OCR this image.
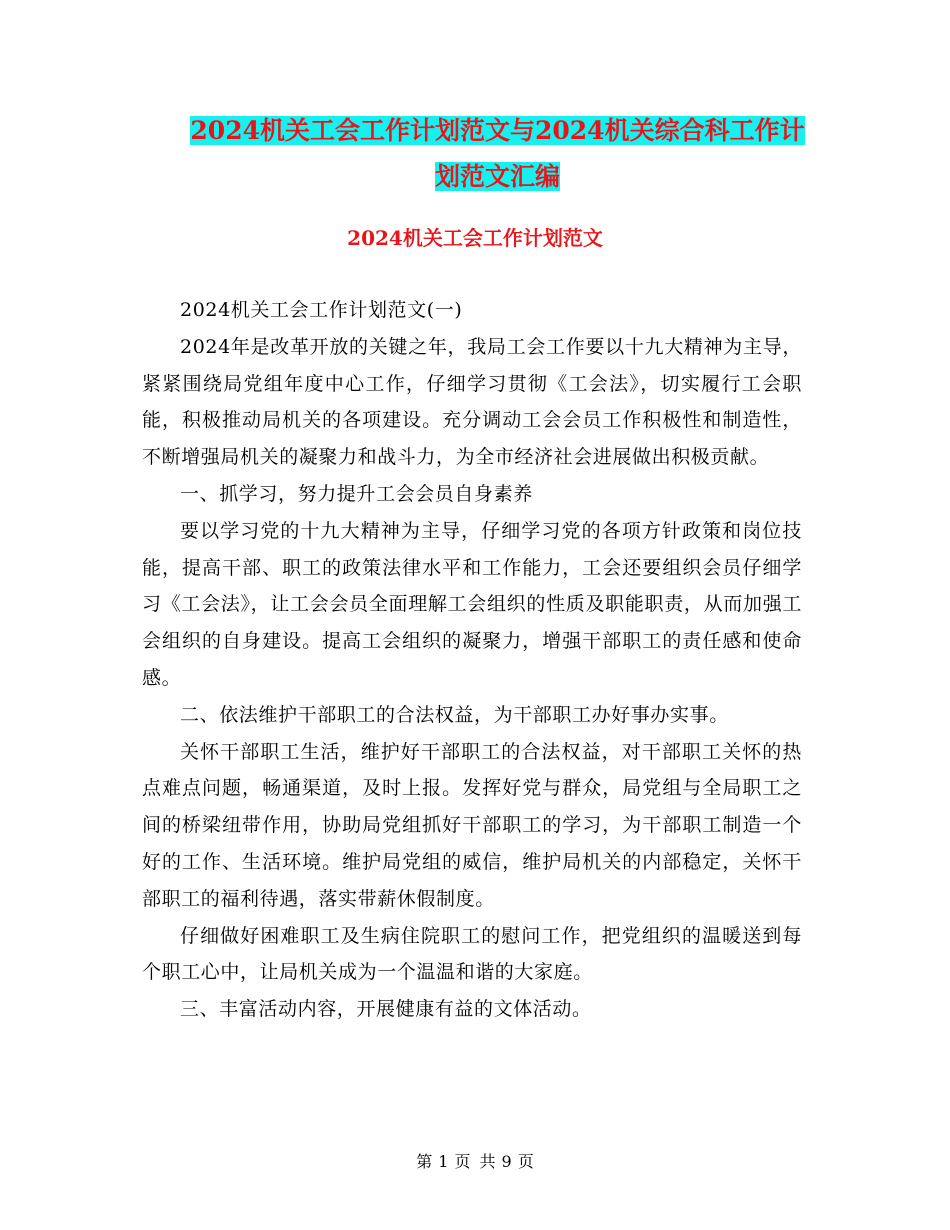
2024机关工会工作计划范文与2024机关综合科工作计
划范文汇编
2024机关工会工作计划范文

2024机关工会工作计划范文(一)

2024年是改革开放的关键之年，我局工会工作要以十九大精神为主导，紧紧围绕局党组年度中心工作，仔细学习贯彻《工会法》，切实履行工会职能，积极推动局机关的各项建设。充分调动工会会员工作积极性和制造性，不断增强局机关的凝聚力和战斗力，为全市经济社会进展做出积极贡献。

一、抓学习，努力提升工会会员自身素养

要以学习党的十九大精神为主导，仔细学习党的各项方针政策和岗位技能，提高干部、职工的政策法律水平和工作能力，工会还要组织会员仔细学习《工会法》，让工会会员全面理解工会组织的性质及职能职责，从而加强工会组织的自身建设。提高工会组织的凝聚力，增强干部职工的责任感和使命感。

二、依法维护干部职工的合法权益，为干部职工办好事办实事。

关怀干部职工生活，维护好干部职工的合法权益，对干部职工关怀的热点难点问题，畅通渠道，及时上报。发挥好党与群众，局党组与全局职工之间的桥梁纽带作用，协助局党组抓好干部职工的学习，为干部职工制造一个好的工作、生活环境。维护局党组的威信，维护局机关的内部稳定，关怀干部职工的福利待遇，落实带薪休假制度。

仔细做好困难职工及生病住院职工的慰问工作，把党组织的温暖送到每个职工心中，让局机关成为一个温温和谐的大家庭。

三、丰富活动内容，开展健康有益的文体活动。

第 1 页 共 9 页
